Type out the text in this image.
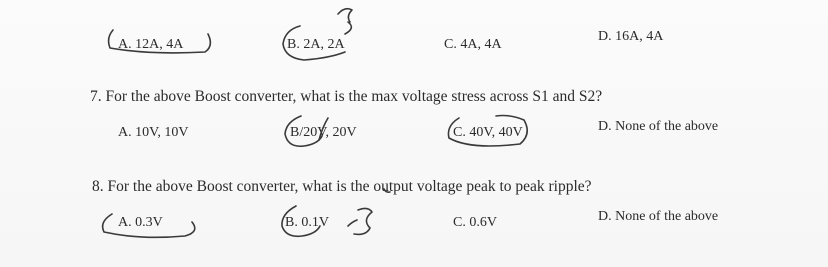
A. 12A, 4A	B. 2A, 2A	C. 4A, 4A
D. 16A, 4A
7. For the above Boost converter, what is the max voltage stress across S1 and S2?
A. 10V, 10V	B/20V, 20V	C. 40V, 40V	D. None of the above
8. For the above Boost converter, what is the output voltage peak to peak ripple?
A. 0.3V	B. 0.1V	C. 0.6V	D. None of the above
